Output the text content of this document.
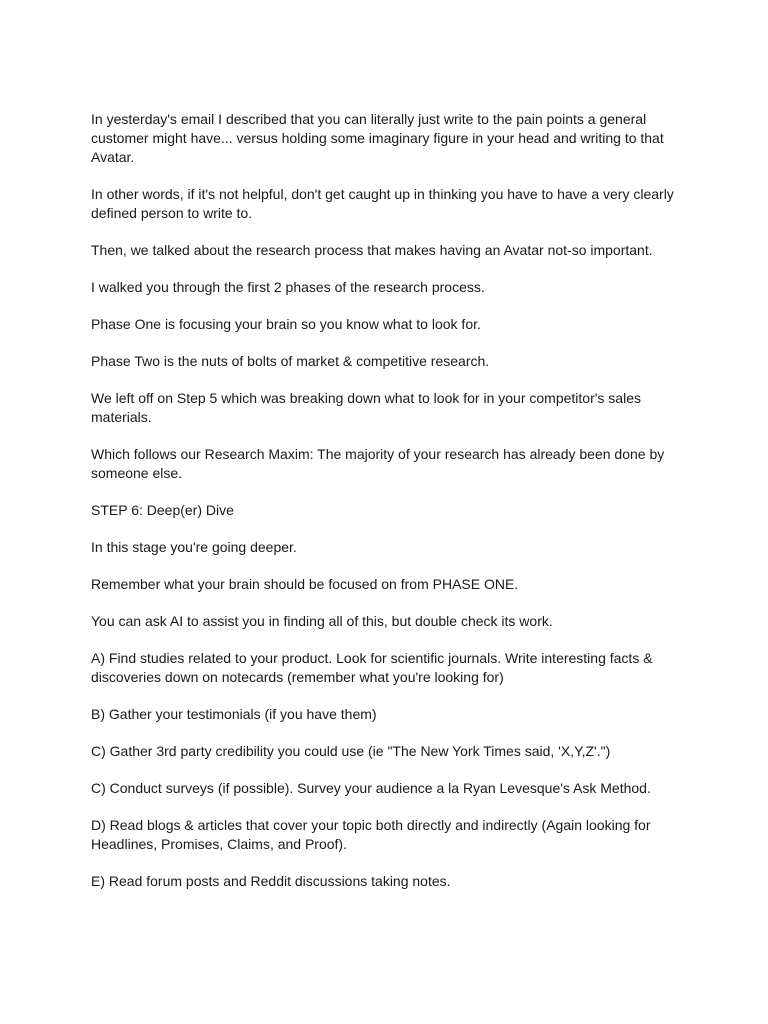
In yesterday's email I described that you can literally just write to the pain points a general customer might have... versus holding some imaginary figure in your head and writing to that Avatar.

In other words, if it's not helpful, don't get caught up in thinking you have to have a very clearly defined person to write to.

Then, we talked about the research process that makes having an Avatar not-so important.

I walked you through the first 2 phases of the research process.

Phase One is focusing your brain so you know what to look for.

Phase Two is the nuts of bolts of market & competitive research.

We left off on Step 5 which was breaking down what to look for in your competitor's sales materials.

Which follows our Research Maxim: The majority of your research has already been done by someone else.

STEP 6: Deep(er) Dive

In this stage you're going deeper.

Remember what your brain should be focused on from PHASE ONE.

You can ask AI to assist you in finding all of this, but double check its work.

A) Find studies related to your product. Look for scientific journals. Write interesting facts & discoveries down on notecards (remember what you're looking for)

B) Gather your testimonials (if you have them)

C) Gather 3rd party credibility you could use (ie "The New York Times said, 'X,Y,Z'.")

C) Conduct surveys (if possible). Survey your audience a la Ryan Levesque's Ask Method.

D) Read blogs & articles that cover your topic both directly and indirectly (Again looking for Headlines, Promises, Claims, and Proof).

E) Read forum posts and Reddit discussions taking notes.
